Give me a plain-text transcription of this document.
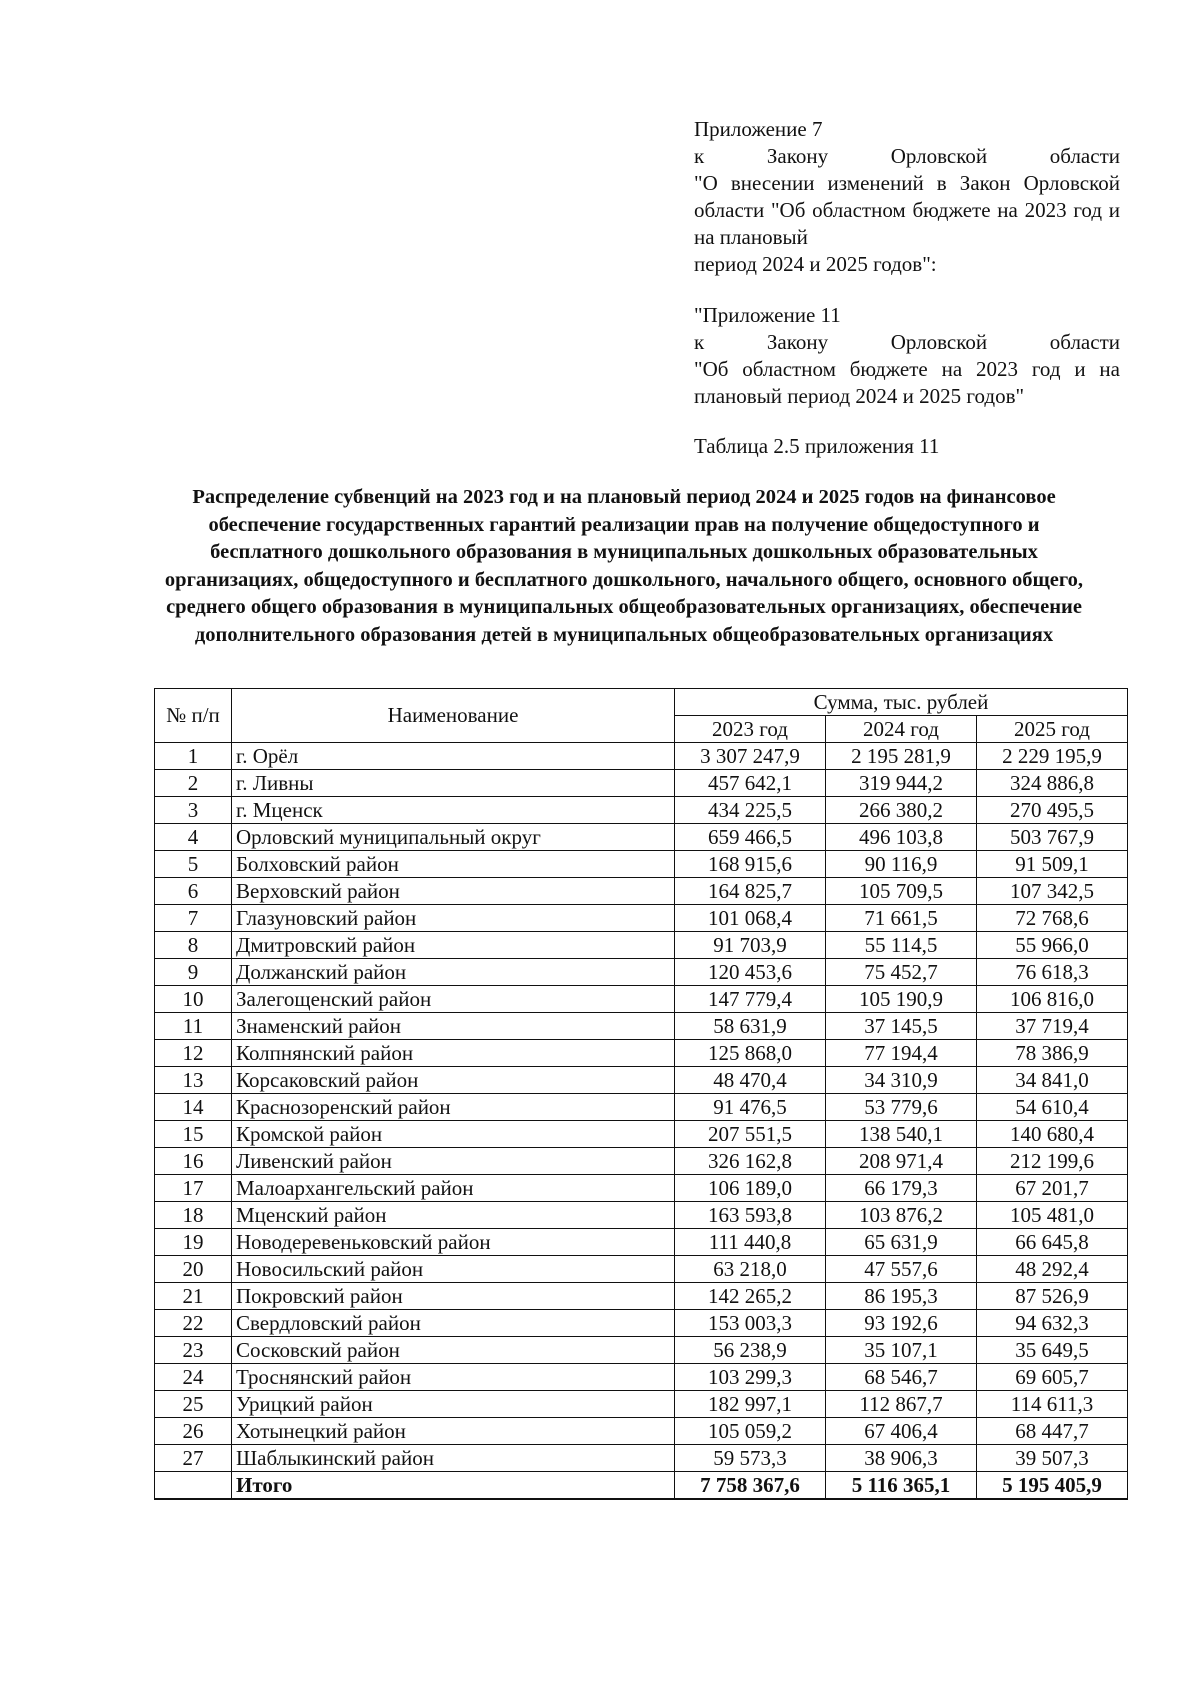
Приложение 7

к Закону Орловской области

"О внесении изменений в Закон Орловской области "Об областном бюджете на 2023 год и на плановый

период 2024 и 2025 годов":

"Приложение 11

к Закону Орловской области

"Об областном бюджете на 2023 год и на

плановый период 2024 и 2025 годов"

Таблица 2.5 приложения 11

Распределение субвенций на 2023 год и на плановый период 2024 и 2025 годов на финансовое обеспечение государственных гарантий реализации прав на получение общедоступного и бесплатного дошкольного образования в муниципальных дошкольных образовательных организациях, общедоступного и бесплатного дошкольного, начального общего, основного общего, среднего общего образования в муниципальных общеобразовательных организациях, обеспечение дополнительного образования детей в муниципальных общеобразовательных организациях
№ п/п	Наименование	Сумма, тыс. рублей		
		2023 год	2024 год	2025 год
1	г. Орёл	3 307 247,9	2 195 281,9	2 229 195,9
2	г. Ливны	457 642,1	319 944,2	324 886,8
3	г. Мценск	434 225,5	266 380,2	270 495,5
4	Орловский муниципальный округ	659 466,5	496 103,8	503 767,9
5	Болховский район	168 915,6	90 116,9	91 509,1
6	Верховский район	164 825,7	105 709,5	107 342,5
7	Глазуновский район	101 068,4	71 661,5	72 768,6
8	Дмитровский район	91 703,9	55 114,5	55 966,0
9	Должанский район	120 453,6	75 452,7	76 618,3
10	Залегощенский район	147 779,4	105 190,9	106 816,0
11	Знаменский район	58 631,9	37 145,5	37 719,4
12	Колпнянский район	125 868,0	77 194,4	78 386,9
13	Корсаковский район	48 470,4	34 310,9	34 841,0
14	Краснозоренский район	91 476,5	53 779,6	54 610,4
15	Кромской район	207 551,5	138 540,1	140 680,4
16	Ливенский район	326 162,8	208 971,4	212 199,6
17	Малоархангельский район	106 189,0	66 179,3	67 201,7
18	Мценский район	163 593,8	103 876,2	105 481,0
19	Новодеревеньковский район	111 440,8	65 631,9	66 645,8
20	Новосильский район	63 218,0	47 557,6	48 292,4
21	Покровский район	142 265,2	86 195,3	87 526,9
22	Свердловский район	153 003,3	93 192,6	94 632,3
23	Сосковский район	56 238,9	35 107,1	35 649,5
24	Троснянский район	103 299,3	68 546,7	69 605,7
25	Урицкий район	182 997,1	112 867,7	114 611,3
26	Хотынецкий район	105 059,2	67 406,4	68 447,7
27	Шаблыкинский район	59 573,3	38 906,3	39 507,3
	Итого	7 758 367,6	5 116 365,1	5 195 405,9
